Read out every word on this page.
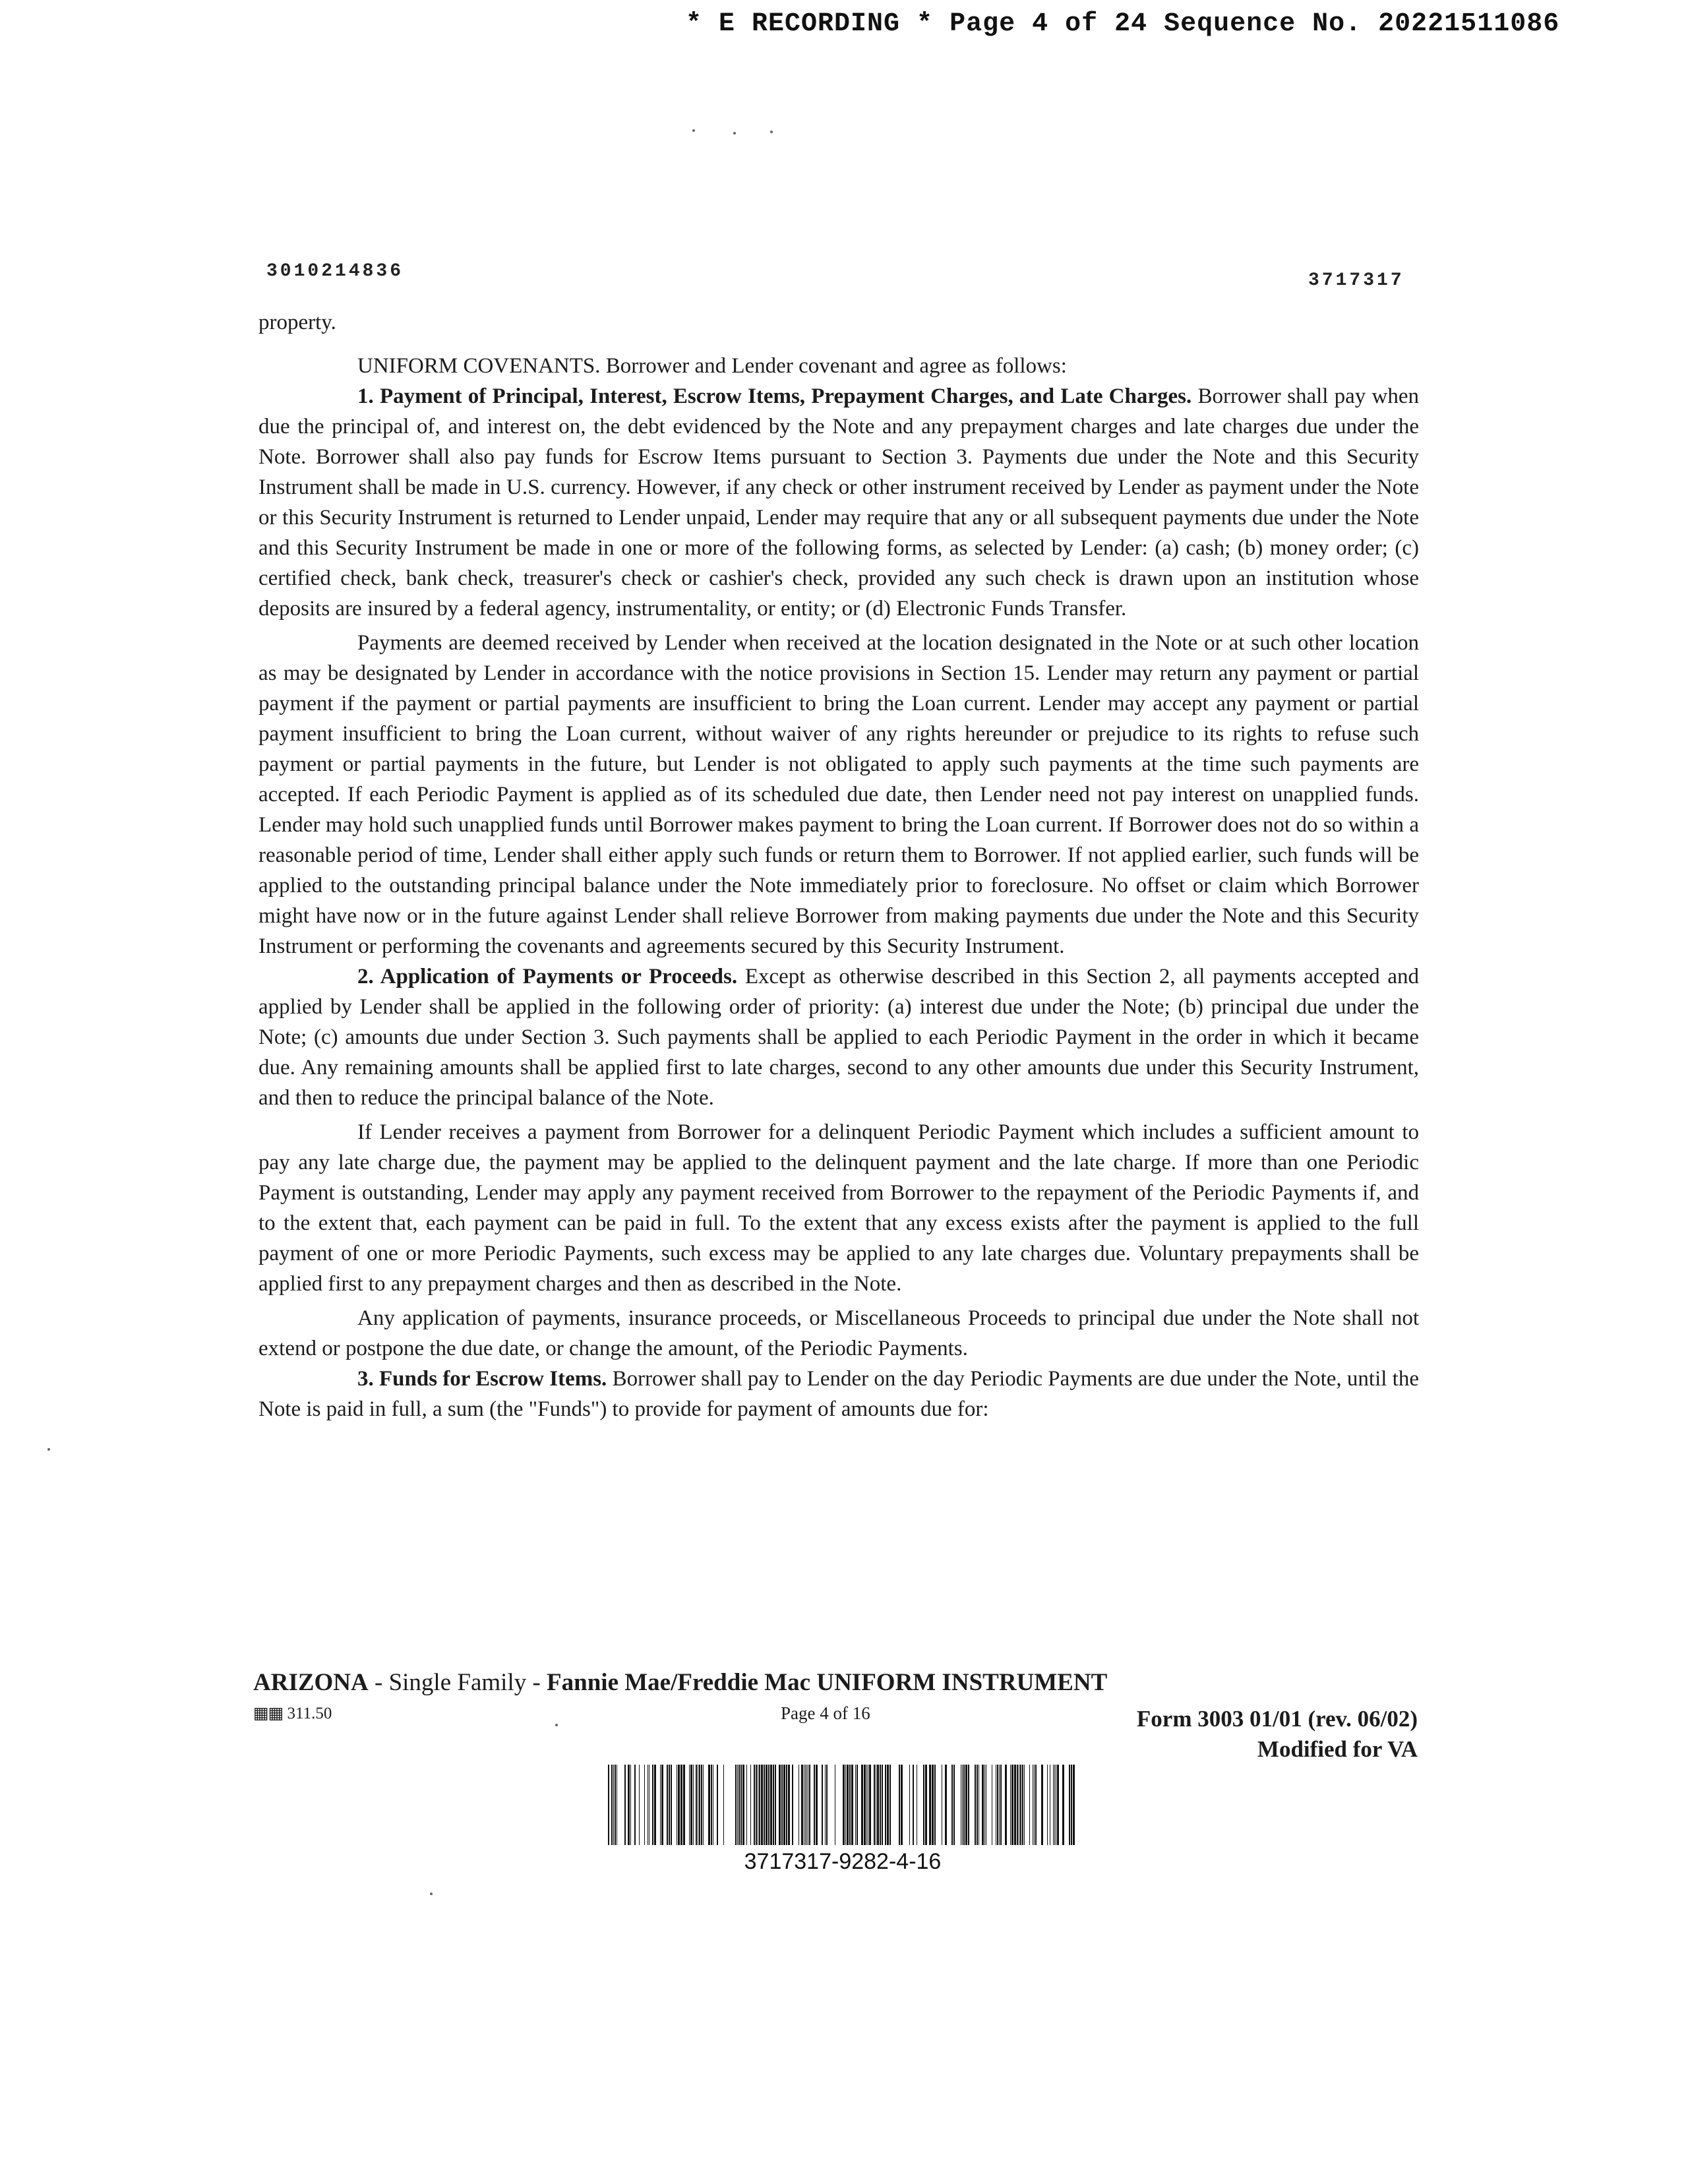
* E RECORDING * Page 4 of 24 Sequence No. 20221511086
3010214836	3717317

property.

UNIFORM COVENANTS. Borrower and Lender covenant and agree as follows:

1. Payment of Principal, Interest, Escrow Items, Prepayment Charges, and Late Charges. Borrower shall pay when due the principal of, and interest on, the debt evidenced by the Note and any prepayment charges and late charges due under the Note. Borrower shall also pay funds for Escrow Items pursuant to Section 3. Payments due under the Note and this Security Instrument shall be made in U.S. currency. However, if any check or other instrument received by Lender as payment under the Note or this Security Instrument is returned to Lender unpaid, Lender may require that any or all subsequent payments due under the Note and this Security Instrument be made in one or more of the following forms, as selected by Lender: (a) cash; (b) money order; (c) certified check, bank check, treasurer's check or cashier's check, provided any such check is drawn upon an institution whose deposits are insured by a federal agency, instrumentality, or entity; or (d) Electronic Funds Transfer.

Payments are deemed received by Lender when received at the location designated in the Note or at such other location as may be designated by Lender in accordance with the notice provisions in Section 15. Lender may return any payment or partial payment if the payment or partial payments are insufficient to bring the Loan current. Lender may accept any payment or partial payment insufficient to bring the Loan current, without waiver of any rights hereunder or prejudice to its rights to refuse such payment or partial payments in the future, but Lender is not obligated to apply such payments at the time such payments are accepted. If each Periodic Payment is applied as of its scheduled due date, then Lender need not pay interest on unapplied funds. Lender may hold such unapplied funds until Borrower makes payment to bring the Loan current. If Borrower does not do so within a reasonable period of time, Lender shall either apply such funds or return them to Borrower. If not applied earlier, such funds will be applied to the outstanding principal balance under the Note immediately prior to foreclosure. No offset or claim which Borrower might have now or in the future against Lender shall relieve Borrower from making payments due under the Note and this Security Instrument or performing the covenants and agreements secured by this Security Instrument.

2. Application of Payments or Proceeds. Except as otherwise described in this Section 2, all payments accepted and applied by Lender shall be applied in the following order of priority: (a) interest due under the Note; (b) principal due under the Note; (c) amounts due under Section 3. Such payments shall be applied to each Periodic Payment in the order in which it became due. Any remaining amounts shall be applied first to late charges, second to any other amounts due under this Security Instrument, and then to reduce the principal balance of the Note.

If Lender receives a payment from Borrower for a delinquent Periodic Payment which includes a sufficient amount to pay any late charge due, the payment may be applied to the delinquent payment and the late charge. If more than one Periodic Payment is outstanding, Lender may apply any payment received from Borrower to the repayment of the Periodic Payments if, and to the extent that, each payment can be paid in full. To the extent that any excess exists after the payment is applied to the full payment of one or more Periodic Payments, such excess may be applied to any late charges due. Voluntary prepayments shall be applied first to any prepayment charges and then as described in the Note.

Any application of payments, insurance proceeds, or Miscellaneous Proceeds to principal due under the Note shall not extend or postpone the due date, or change the amount, of the Periodic Payments.

3. Funds for Escrow Items. Borrower shall pay to Lender on the day Periodic Payments are due under the Note, until the Note is paid in full, a sum (the "Funds") to provide for payment of amounts due for:

ARIZONA - Single Family - Fannie Mae/Freddie Mac UNIFORM INSTRUMENT
▦▦ 311.50	Page 4 of 16	Form 3003 01/01 (rev. 06/02)
Modified for VA
3717317-9282-4-16
